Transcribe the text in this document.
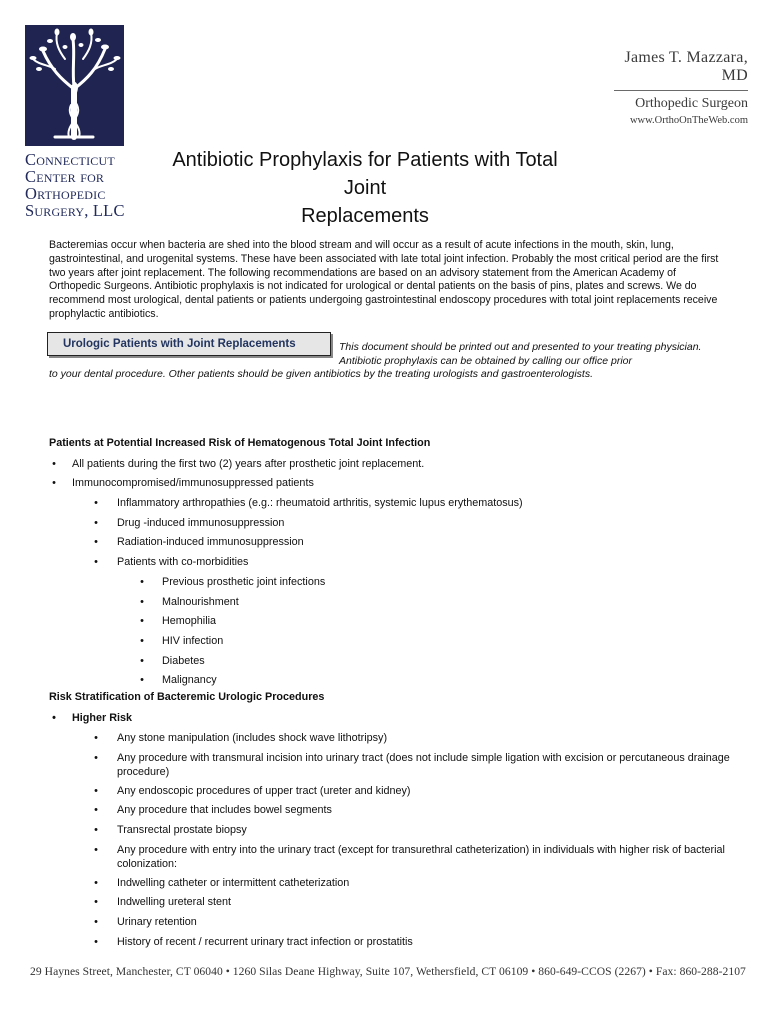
Connecticut
Center for
Orthopedic
Surgery, LLC
James T. Mazzara, MD
Orthopedic Surgeon
www.OrthoOnTheWeb.com
Antibiotic Prophylaxis for Patients with Total Joint
Replacements
Bacteremias occur when bacteria are shed into the blood stream and will occur as a result of acute infections in the mouth, skin, lung, gastrointestinal, and urogenital systems. These have been associated with late total joint infection. Probably the most critical period are the first two years after joint replacement. The following recommendations are based on an advisory statement from the American Academy of Orthopedic Surgeons. Antibiotic prophylaxis is not indicated for urological or dental patients on the basis of pins, plates and screws. We do recommend most urological, dental patients or patients undergoing gastrointestinal endoscopy procedures with total joint replacements receive prophylactic antibiotics.
Urologic Patients with Joint Replacements	This document should be printed out and presented to your treating physician. Antibiotic prophylaxis can be obtained by calling our office prior
to your dental procedure. Other patients should be given antibiotics by the treating urologists and gastroenterologists.
Patients at Potential Increased Risk of Hematogenous Total Joint Infection
•	All patients during the first two (2) years after prosthetic joint replacement.
•	Immunocompromised/immunosuppressed patients
•	Inflammatory arthropathies (e.g.: rheumatoid arthritis, systemic lupus erythematosus)
•	Drug -induced immunosuppression
•	Radiation-induced immunosuppression
•	Patients with co-morbidities
•	Previous prosthetic joint infections
•	Malnourishment
•	Hemophilia
•	HIV infection
•	Diabetes
•	Malignancy
Risk Stratification of Bacteremic Urologic Procedures
•	Higher Risk
•	Any stone manipulation (includes shock wave lithotripsy)
•	Any procedure with transmural incision into urinary tract (does not include simple ligation with excision or percutaneous drainage procedure)
•	Any endoscopic procedures of upper tract (ureter and kidney)
•	Any procedure that includes bowel segments
•	Transrectal prostate biopsy
•	Any procedure with entry into the urinary tract (except for transurethral catheterization) in individuals with higher risk of bacterial colonization:
•	Indwelling catheter or intermittent catheterization
•	Indwelling ureteral stent
•	Urinary retention
•	History of recent / recurrent urinary tract infection or prostatitis
29 Haynes Street, Manchester, CT 06040 • 1260 Silas Deane Highway, Suite 107, Wethersfield, CT 06109 • 860-649-CCOS (2267) • Fax: 860-288-2107
